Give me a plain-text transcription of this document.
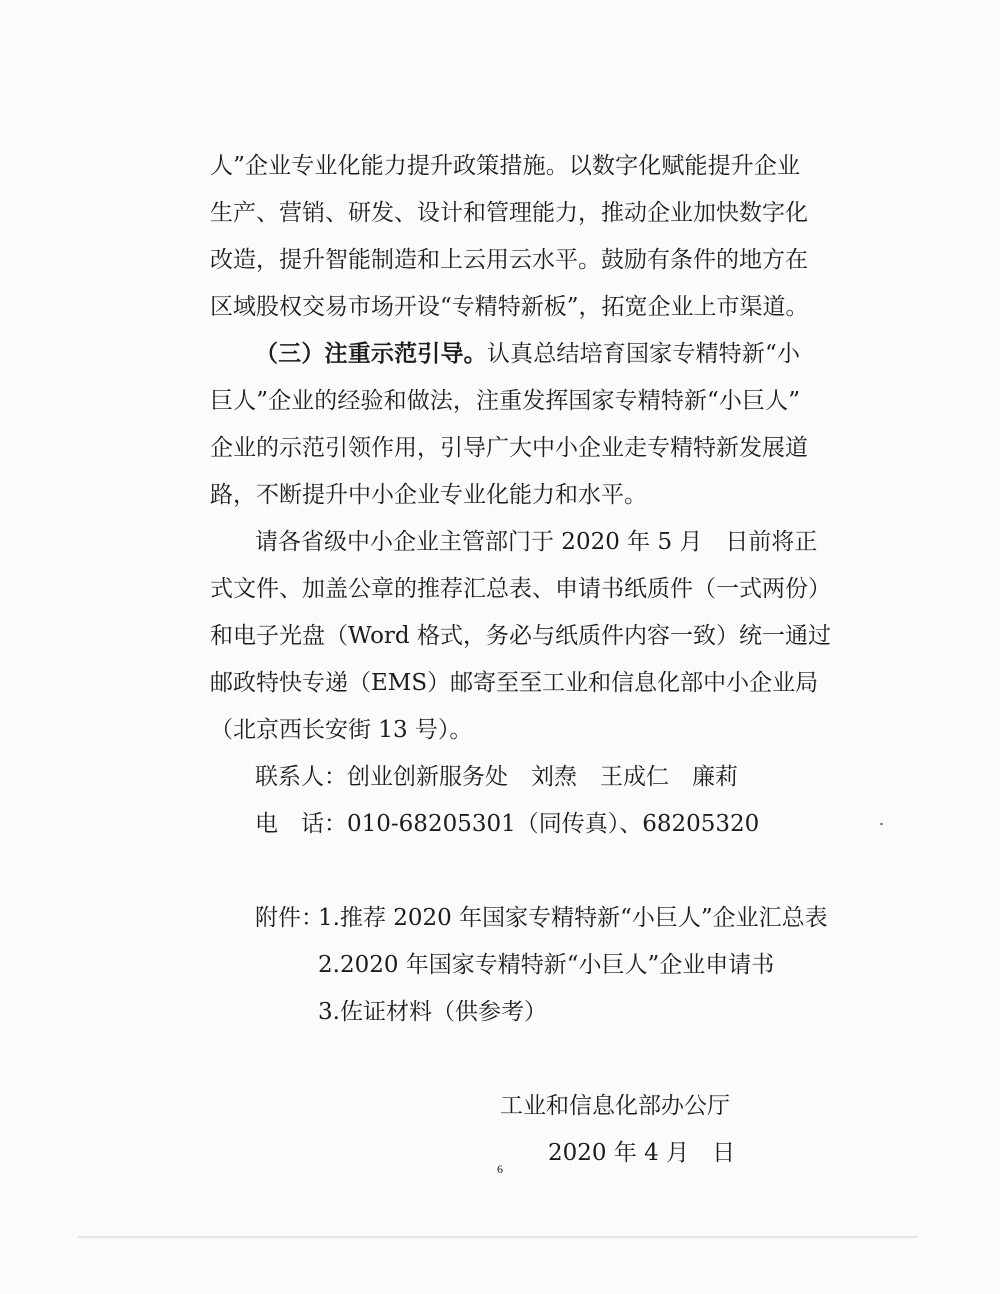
人”企业专业化能力提升政策措施。以数字化赋能提升企业
生产、营销、研发、设计和管理能力，推动企业加快数字化
改造，提升智能制造和上云用云水平。鼓励有条件的地方在
区域股权交易市场开设“专精特新板”，拓宽企业上市渠道。
（三）注重示范引导。认真总结培育国家专精特新“小
巨人”企业的经验和做法，注重发挥国家专精特新“小巨人”
企业的示范引领作用，引导广大中小企业走专精特新发展道
路，不断提升中小企业专业化能力和水平。
请各省级中小企业主管部门于 2020 年 5 月　日前将正
式文件、加盖公章的推荐汇总表、申请书纸质件（一式两份）
和电子光盘（Word 格式，务必与纸质件内容一致）统一通过
邮政特快专递（EMS）邮寄至至工业和信息化部中小企业局
（北京西长安街 13 号）。
联系人：创业创新服务处　刘焘　王成仁　廉莉
电　话：010-68205301（同传真）、68205320
附件：
1.推荐 2020 年国家专精特新“小巨人”企业汇总表
2.2020 年国家专精特新“小巨人”企业申请书
3.佐证材料（供参考）
工业和信息化部办公厅
2020 年 4 月　日
6
